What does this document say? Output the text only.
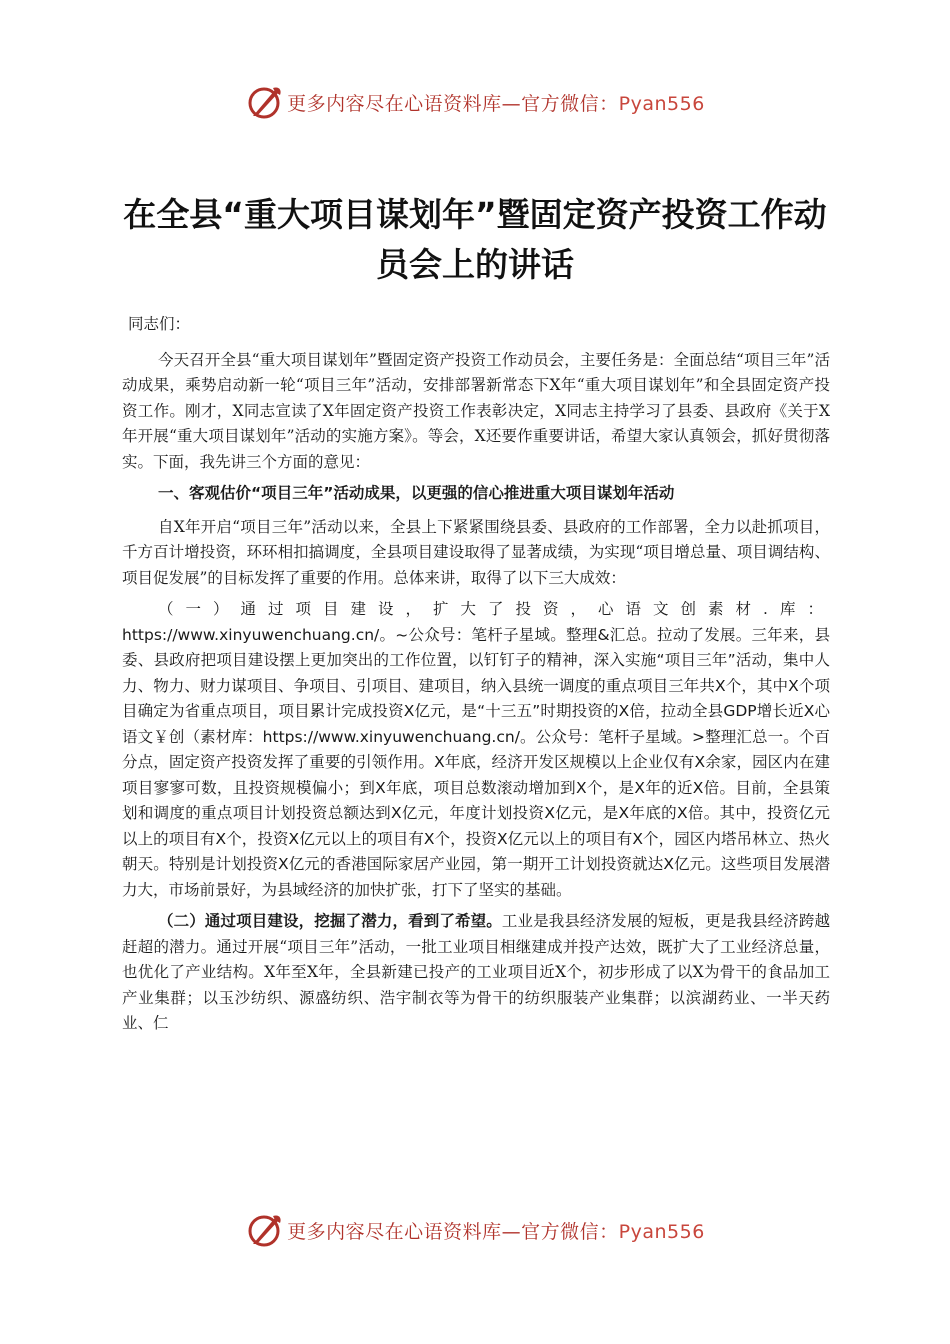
更多内容尽在心语资料库—官方微信：Pyan556
在全县“重大项目谋划年”暨固定资产投资工作动员会上的讲话

同志们：

今天召开全县“重大项目谋划年”暨固定资产投资工作动员会，主要任务是：全面总结“项目三年”活动成果，乘势启动新一轮“项目三年”活动，安排部署新常态下X年“重大项目谋划年”和全县固定资产投资工作。刚才，X同志宣读了X年固定资产投资工作表彰决定，X同志主持学习了县委、县政府《关于X年开展“重大项目谋划年”活动的实施方案》。等会，X还要作重要讲话，希望大家认真领会，抓好贯彻落实。下面，我先讲三个方面的意见：

一、客观估价“项目三年”活动成果，以更强的信心推进重大项目谋划年活动

自X年开启“项目三年”活动以来，全县上下紧紧围绕县委、县政府的工作部署，全力以赴抓项目，千方百计增投资，环环相扣搞调度，全县项目建设取得了显著成绩，为实现“项目增总量、项目调结构、项目促发展”的目标发挥了重要的作用。总体来讲，取得了以下三大成效：

（一）通过项目建设，扩大了投资，心语文创素材.库：https://www.xinyuwenchuang.cn/。~公众号：笔杆子星域。整理&汇总。拉动了发展。三年来，县委、县政府把项目建设摆上更加突出的工作位置，以钉钉子的精神，深入实施“项目三年”活动，集中人力、物力、财力谋项目、争项目、引项目、建项目，纳入县统一调度的重点项目三年共X个，其中X个项目确定为省重点项目，项目累计完成投资X亿元，是“十三五”时期投资的X倍，拉动全县GDP增长近X心语文￥创（素材库：https://www.xinyuwenchuang.cn/。公众号：笔杆子星域。>整理汇总一。个百分点，固定资产投资发挥了重要的引领作用。X年底，经济开发区规模以上企业仅有X余家，园区内在建项目寥寥可数，且投资规模偏小；到X年底，项目总数滚动增加到X个，是X年的近X倍。目前，全县策划和调度的重点项目计划投资总额达到X亿元，年度计划投资X亿元，是X年底的X倍。其中，投资亿元以上的项目有X个，投资X亿元以上的项目有X个，投资X亿元以上的项目有X个，园区内塔吊林立、热火朝天。特别是计划投资X亿元的香港国际家居产业园，第一期开工计划投资就达X亿元。这些项目发展潜力大，市场前景好，为县域经济的加快扩张，打下了坚实的基础。

（二）通过项目建设，挖掘了潜力，看到了希望。工业是我县经济发展的短板，更是我县经济跨越赶超的潜力。通过开展“项目三年”活动，一批工业项目相继建成并投产达效，既扩大了工业经济总量，也优化了产业结构。X年至X年，全县新建已投产的工业项目近X个，初步形成了以X为骨干的食品加工产业集群；以玉沙纺织、源盛纺织、浩宇制衣等为骨干的纺织服装产业集群；以滨湖药业、一半天药业、仁

更多内容尽在心语资料库—官方微信：Pyan556
